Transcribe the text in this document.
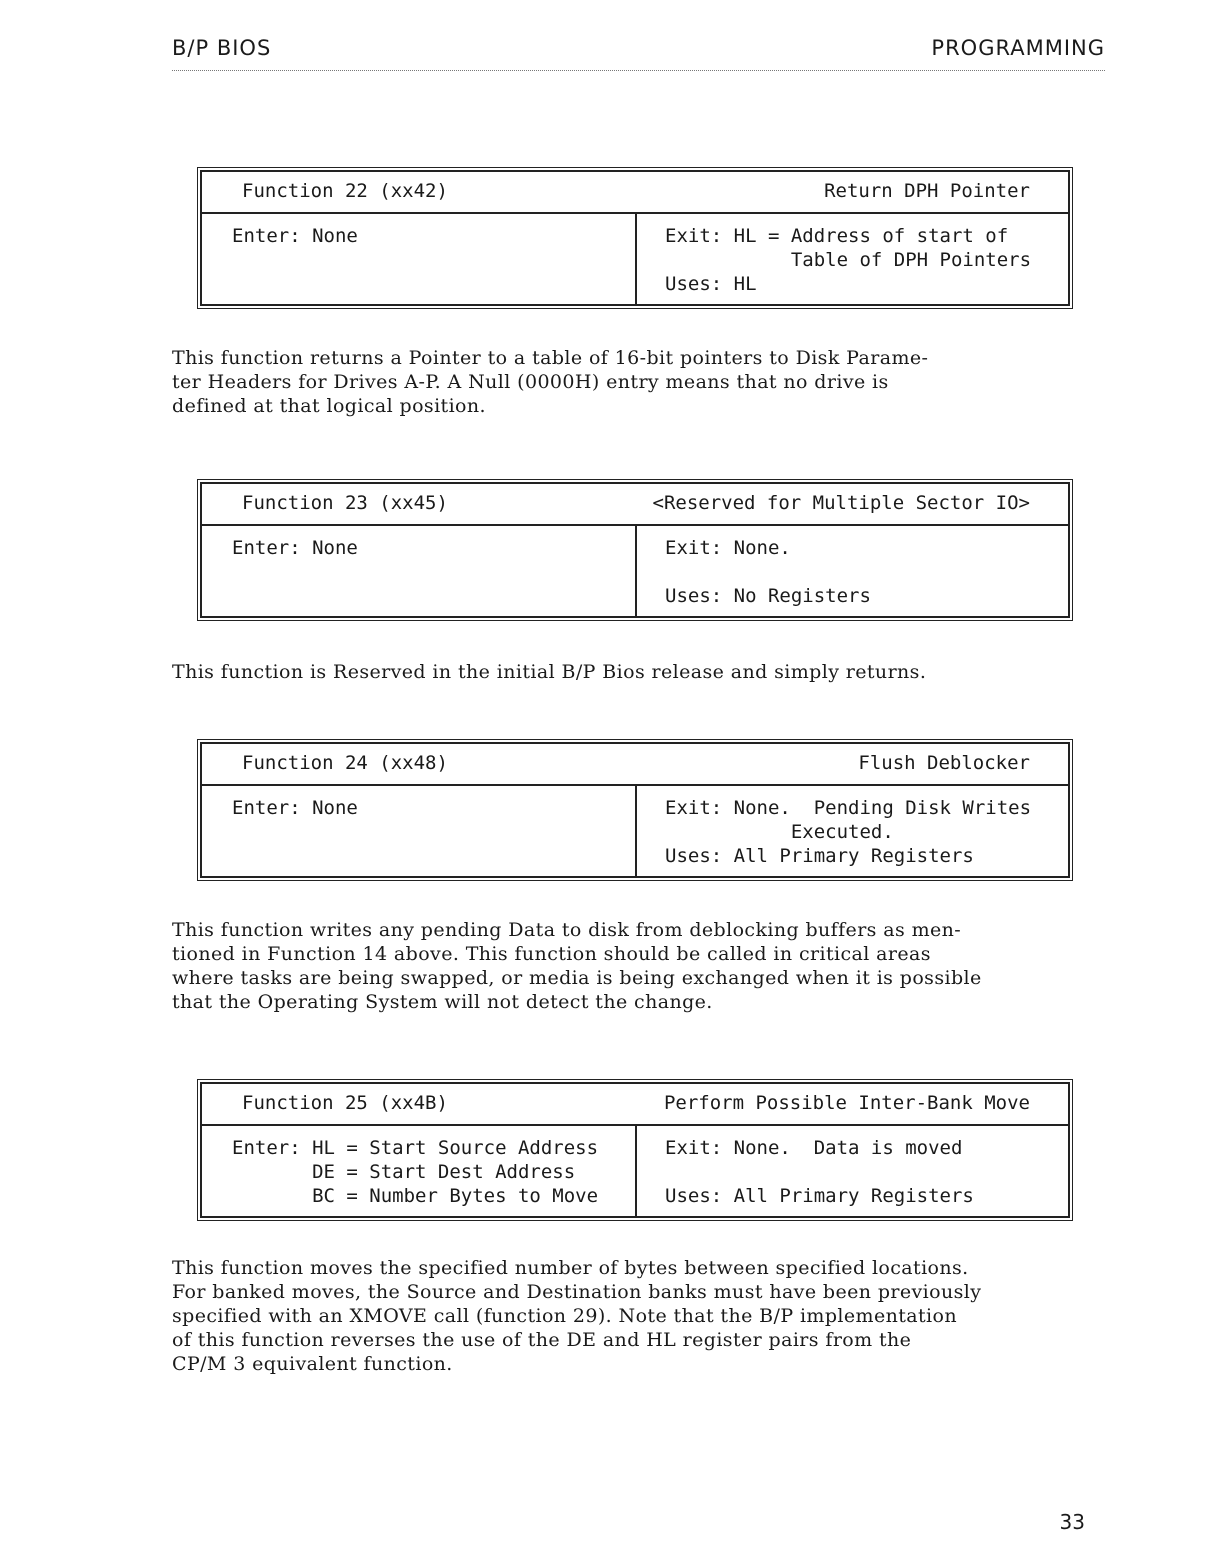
B/P BIOS	PROGRAMMING
Function 22 (xx42)	Return DPH Pointer
Enter: None	Exit: HL = Address of start of
Table of DPH Pointers
Uses: HL
This function returns a Pointer to a table of 16-bit pointers to Disk Parame-
ter Headers for Drives A-P. A Null (0000H) entry means that no drive is
defined at that logical position.
Function 23 (xx45)	<Reserved for Multiple Sector IO>
Enter: None	Exit: None.

Uses: No Registers
This function is Reserved in the initial B/P Bios release and simply returns.
Function 24 (xx48)	Flush Deblocker
Enter: None	Exit: None.  Pending Disk Writes
Executed.
Uses: All Primary Registers
This function writes any pending Data to disk from deblocking buffers as men-
tioned in Function 14 above. This function should be called in critical areas
where tasks are being swapped, or media is being exchanged when it is possible
that the Operating System will not detect the change.
Function 25 (xx4B)	Perform Possible Inter-Bank Move
Enter: HL = Start Source Address
DE = Start Dest Address
BC = Number Bytes to Move
Exit: None.  Data is moved

Uses: All Primary Registers
This function moves the specified number of bytes between specified locations.
For banked moves, the Source and Destination banks must have been previously
specified with an XMOVE call (function 29). Note that the B/P implementation
of this function reverses the use of the DE and HL register pairs from the
CP/M 3 equivalent function.
33
